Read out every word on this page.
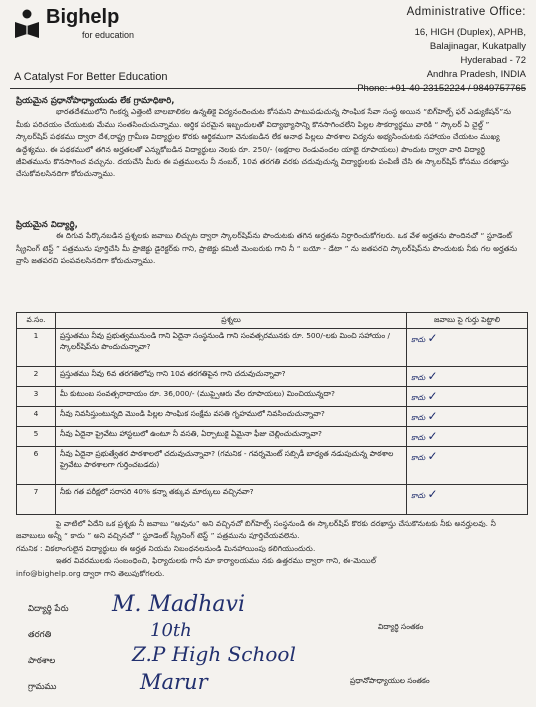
Bighelp
for education
A Catalyst For Better Education
Administrative Office:
16, HIGH (Duplex), APHB,
Balajinagar, Kukatpally
Hyderabad - 72
Andhra Pradesh, INDIA

ప్రియమైన ప్రధానోపాధ్యాయుడు లేక గ్రామాధికారి,

భారతదేశములోని గింకర్న ఎత్తెంటి బాలబాలికల ఉన్నతికై విద్యనందించుట కోసమని పాటుపడుచున్న సాంఘిక సేవా సంస్థ అయిన “బిగ్‌హెల్ప్ ఫర్ ఎడ్యుకేషన్”ను మీకు పరిచయం చేయుటకు మేము సంతసించుచున్నాము. ఆర్థిక పరమైన ఇబ్బందులతో విద్యాభ్యాసాన్ని కొనసాగించలేని పిల్లల సౌకర్యార్థము వారికి “ స్కాలర్ ఏ చైల్డ్ ” స్కాలర్‌షిప్ పథకము ద్వారా దేశ,రాష్ట్ర గ్రామీణ విద్యార్థుల కొరకు ఆర్థికముగా వెనుకబడిన లేక అనాథ పిల్లలు పాఠశాల విద్యను అభ్యసించుటకు సహాయం చేయటం ముఖ్య ఉద్దేశ్యము. ఈ పథకములో తగిన అర్హతలతో ఎన్నుకోబడిన విద్యార్థులు నెలకు రూ. 250/- (అక్షరాల రెండువందల యాభై రూపాయలు) పొందుట ద్వారా వారి విద్యార్థి జీవితమును కొనసాగించ వచ్చును. దయచేసి మీరు ఈ పత్రములను నీ నంబర్, 10వ తరగతి వరకు చదువుచున్న విద్యార్థులకు పంపిణీ చేసి ఈ స్కాలర్‌షిప్ కోసము దరఖాస్తు చేసుకోవలసినదిగా కోరుచున్నాము.

ప్రియమైన విద్యార్థి,

ఈ దిగువ పేర్కొనబడిన ప్రశ్నలకు జవాబు లిచ్చుట ద్వారా స్కాలర్‌షిప్‌ను పొందుటకు తగిన అర్హతను నిర్ధారించుకోగలరు. ఒక వేళ అర్హతను పొందినచో “ స్టూడెంట్ స్క్రీనింగ్ టెస్ట్ ” పత్రమును పూర్తిచేసి మీ ప్రాజెక్టు డైరెక్టర్‌కు గాని, ప్రాజెక్టు కమిటీ మెంబరుకు గాని నీ “ బయో - డేటా ” ను జతపరచి స్కాలర్‌షిప్‌ను పొందుటకు నీకు గల అర్హతను వ్రాసి జతపరచి పంపవలసినదిగా కోరుచున్నాము.

వ.సం.	ప్రశ్నలు	జవాబు సై గుర్తు పెట్టాలి
1	ప్రస్తుతము నీవు ప్రభుత్వమునుండి గాని ఏదైనా సంస్థనుండి గాని సంవత్సరమునకు రూ. 500/-లకు మించి సహాయం / స్కాలర్‌షిప్‌ను పొందుచున్నావా?	కాదు ✓
2	ప్రస్తుతము నీవు 6వ తరగతిలోపు గాని 10వ తరగతిపైన గాని చదువుచున్నావా?	కాదు ✓
3	మీ కుటుంబ సంవత్సరాదాయం రూ. 36,000/- (ముప్పైఆరు వేల రూపాయలు) మించియున్నదా?	కాదు ✓
4	నీవు నివసిస్తుంటున్నది మొండి పిల్లల సాంఘిక సంక్షేమ వసతి గృహములో నివసించుచున్నావా?	కాదు ✓
5	నీవు ఏదైనా ప్రైవేటు హాస్టలులో ఉంటూ నీ వసతి, ఏర్పాటుకై ఏమైనా ఫీజు చెల్లించుచున్నావా?	కాదు ✓
6	నీవు ఏదైనా ప్రభుత్వేతర పాఠశాలలో చదువుచున్నావా? (గమనిక - గవర్నమెంట్ సబ్సిడీ బాధ్యత నడుపుచున్న పాఠశాల ప్రైవేటు పాఠశాలగా గుర్తించబడదు)	కాదు ✓
7	నీకు గత పరీక్షలో సరాసరి 40% కన్నా తక్కువ మార్కులు వచ్చినవా?	కాదు ✓

పై వాటిలో ఏదేని ఒక ప్రశ్నకు నీ జవాబు “అవును” అని వచ్చినచో బిగ్‌హెల్ప్ సంస్థనుండి ఈ స్కాలర్‌షిప్ కొరకు దరఖాస్తు చేసుకొనుటకు నీకు అనర్హులవు. నీ జవాబులు అన్నీ “ కాదు ” అని వచ్చినచో “ స్టూడెంట్ స్క్రీనింగ్ టెస్ట్ ” పత్రమును పూర్తిచేయవలెను.

గమనిక : వికలాంగులైన విద్యార్థులు ఈ అర్హత నియమ నిబంధనలనుండి మినహాయింపు కలిగియుందురు.

ఇతర వివరములకు సంబంధించి, ఫిర్యాదులకు గానీ మా కార్యాలయము నకు ఉత్తరము ద్వారా గాని, ఈ-మెయిల్

info@bighelp.org ద్వారా గాని తెలుపుకోగలరు.

విద్యార్థి పేరు M. Madhavi
తరగతి	10th
పాఠశాల	Z.P High School
గ్రామము	Marur
విద్యార్థి సంతకం
ప్రధానోపాధ్యాయుల సంతకం
